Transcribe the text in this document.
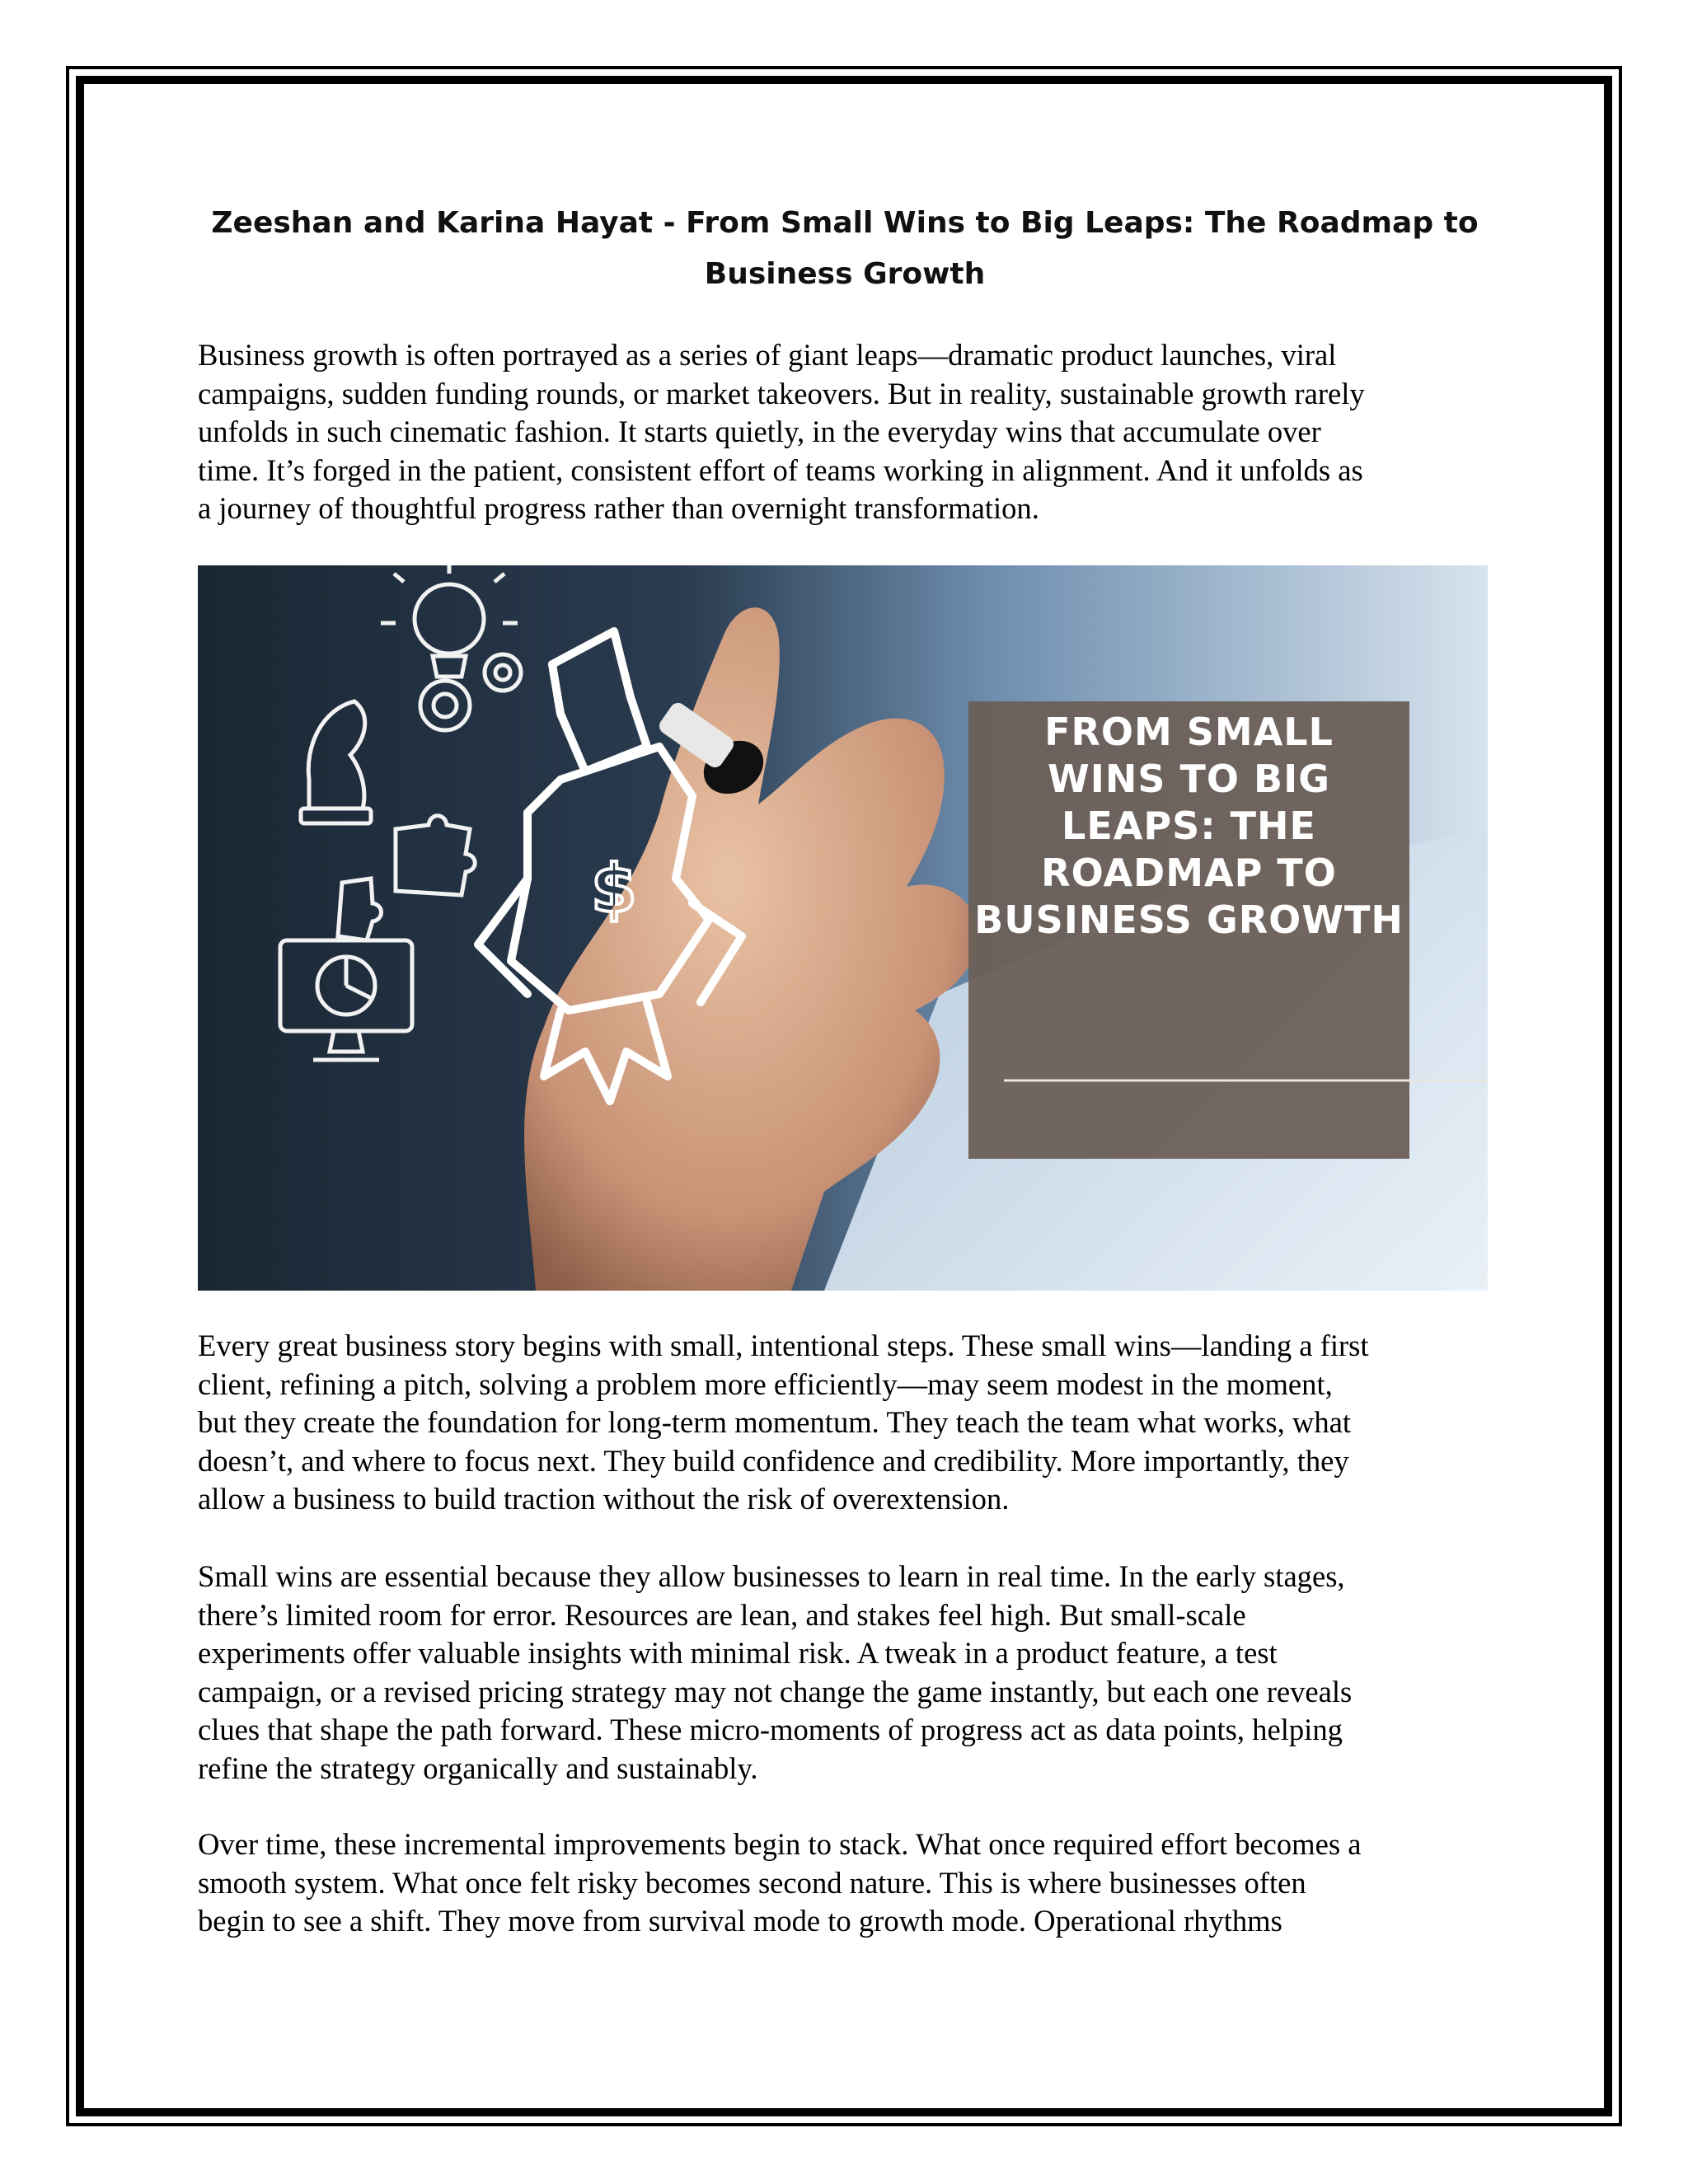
Zeeshan and Karina Hayat - From Small Wins to Big Leaps: The Roadmap to
Business Growth
Business growth is often portrayed as a series of giant leaps—dramatic product launches, viral
campaigns, sudden funding rounds, or market takeovers. But in reality, sustainable growth rarely
unfolds in such cinematic fashion. It starts quietly, in the everyday wins that accumulate over
time. It’s forged in the patient, consistent effort of teams working in alignment. And it unfolds as
a journey of thoughtful progress rather than overnight transformation.
$
FROM SMALL
WINS TO BIG
LEAPS: THE
ROADMAP TO
BUSINESS GROWTH
Every great business story begins with small, intentional steps. These small wins—landing a first
client, refining a pitch, solving a problem more efficiently—may seem modest in the moment,
but they create the foundation for long-term momentum. They teach the team what works, what
doesn’t, and where to focus next. They build confidence and credibility. More importantly, they
allow a business to build traction without the risk of overextension.
Small wins are essential because they allow businesses to learn in real time. In the early stages,
there’s limited room for error. Resources are lean, and stakes feel high. But small-scale
experiments offer valuable insights with minimal risk. A tweak in a product feature, a test
campaign, or a revised pricing strategy may not change the game instantly, but each one reveals
clues that shape the path forward. These micro-moments of progress act as data points, helping
refine the strategy organically and sustainably.
Over time, these incremental improvements begin to stack. What once required effort becomes a
smooth system. What once felt risky becomes second nature. This is where businesses often
begin to see a shift. They move from survival mode to growth mode. Operational rhythms
